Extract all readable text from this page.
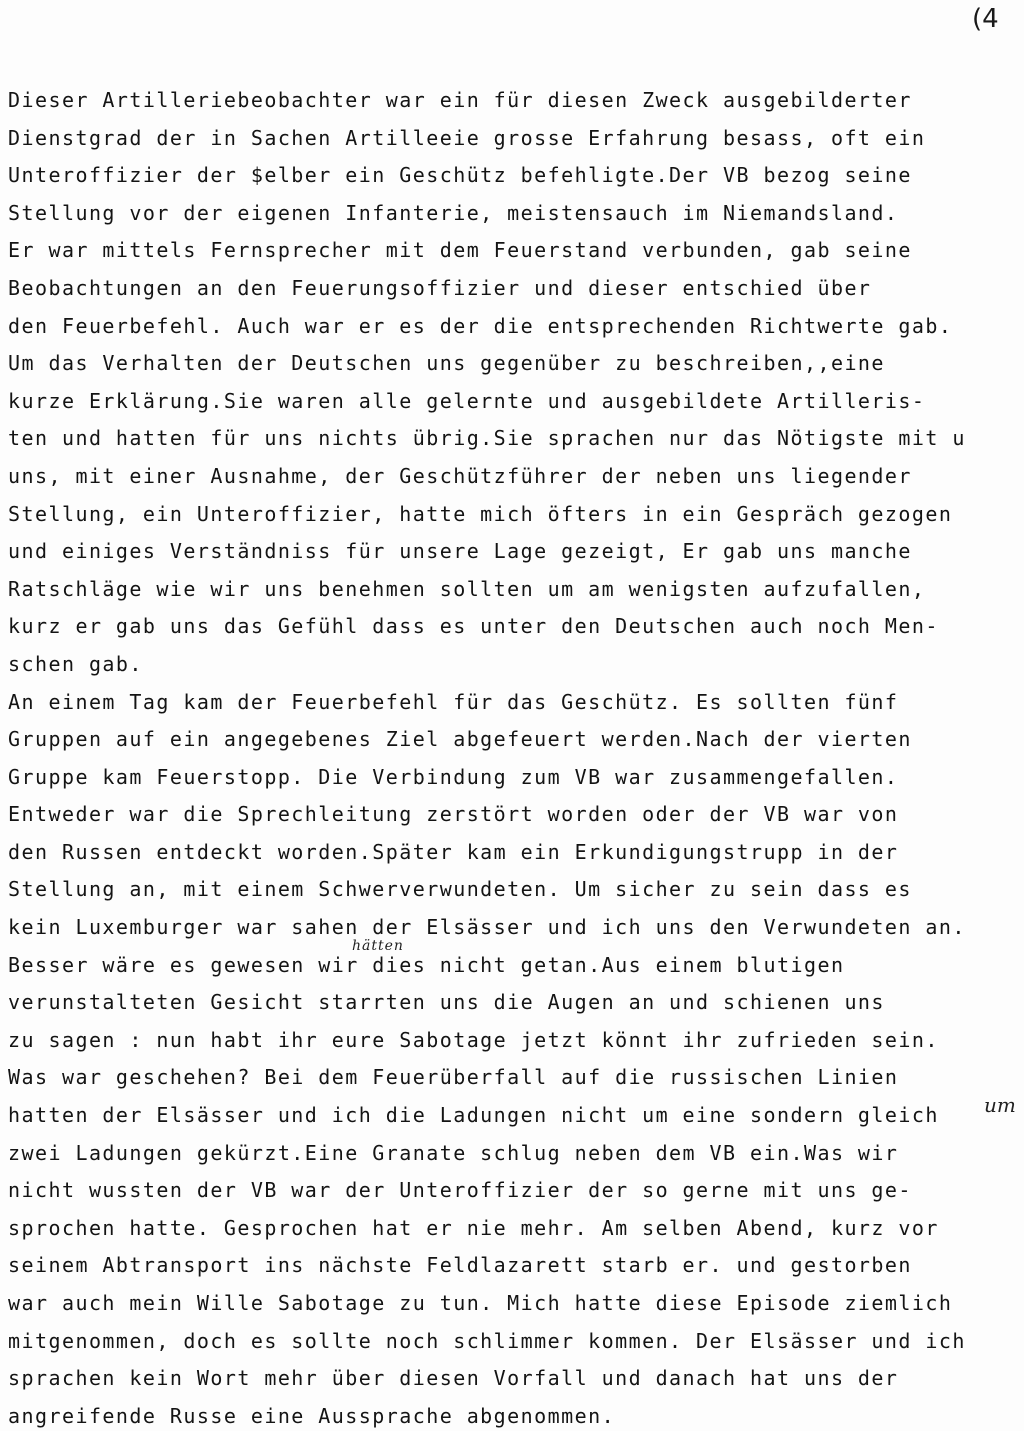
(4
Dieser Artilleriebeobachter war ein für diesen Zweck ausgebilderter
Dienstgrad der in Sachen Artilleeie grosse Erfahrung besass, oft ein
Unteroffizier der $elber ein Geschütz befehligte.Der VB bezog seine
Stellung vor der eigenen Infanterie, meistensauch im Niemandsland.
Er war mittels Fernsprecher mit dem Feuerstand verbunden, gab seine
Beobachtungen an den Feuerungsoffizier und dieser entschied über
den Feuerbefehl. Auch war er es der die entsprechenden Richtwerte gab.
Um das Verhalten der Deutschen uns gegenüber zu beschreiben,,eine
kurze Erklärung.Sie waren alle gelernte und ausgebildete Artilleris-
ten und hatten für uns nichts übrig.Sie sprachen nur das Nötigste mit u
uns, mit einer Ausnahme, der Geschützführer der neben uns liegender
Stellung, ein Unteroffizier, hatte mich öfters in ein Gespräch gezogen
und einiges Verständniss für unsere Lage gezeigt, Er gab uns manche
Ratschläge wie wir uns benehmen sollten um am wenigsten aufzufallen,
kurz er gab uns das Gefühl dass es unter den Deutschen auch noch Men-
schen gab.
An einem Tag kam der Feuerbefehl für das Geschütz. Es sollten fünf
Gruppen auf ein angegebenes Ziel abgefeuert werden.Nach der vierten
Gruppe kam Feuerstopp. Die Verbindung zum VB war zusammengefallen.
Entweder war die Sprechleitung zerstört worden oder der VB war von
den Russen entdeckt worden.Später kam ein Erkundigungstrupp in der
Stellung an, mit einem Schwerverwundeten. Um sicher zu sein dass es
kein Luxemburger war sahen der Elsässer und ich uns den Verwundeten an.
Besser wäre es gewesen wir dies nicht getan.Aus einem blutigen
verunstalteten Gesicht starrten uns die Augen an und schienen uns
zu sagen : nun habt ihr eure Sabotage jetzt könnt ihr zufrieden sein.
Was war geschehen? Bei dem Feuerüberfall auf die russischen Linien
hatten der Elsässer und ich die Ladungen nicht um eine sondern gleich
zwei Ladungen gekürzt.Eine Granate schlug neben dem VB ein.Was wir
nicht wussten der VB war der Unteroffizier der so gerne mit uns ge-
sprochen hatte. Gesprochen hat er nie mehr. Am selben Abend, kurz vor
seinem Abtransport ins nächste Feldlazarett starb er. und gestorben
war auch mein Wille Sabotage zu tun. Mich hatte diese Episode ziemlich
mitgenommen, doch es sollte noch schlimmer kommen. Der Elsässer und ich
sprachen kein Wort mehr über diesen Vorfall und danach hat uns der
angreifende Russe eine Aussprache abgenommen.
hätten
um
